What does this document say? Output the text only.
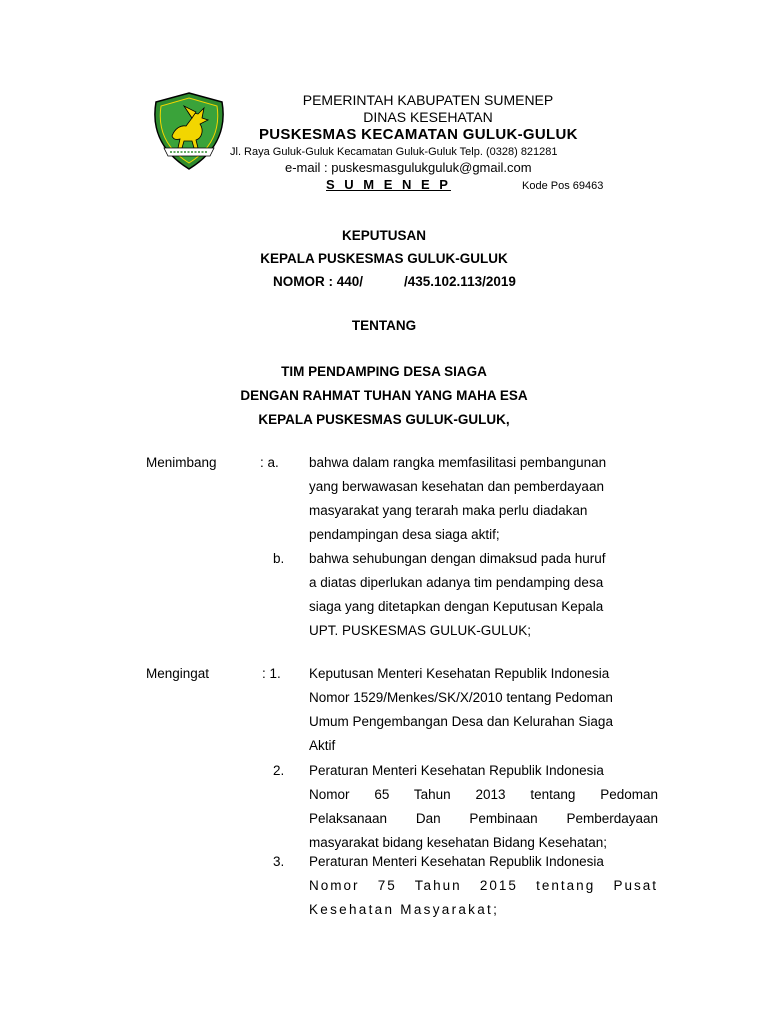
PEMERINTAH KABUPATEN SUMENEP
DINAS KESEHATAN
PUSKESMAS KECAMATAN GULUK-GULUK
Jl. Raya Guluk-Guluk Kecamatan Guluk-Guluk Telp. (0328) 821281
e-mail : puskesmasgulukguluk@gmail.com
S U M E N E P	Kode Pos 69463
KEPUTUSAN
KEPALA PUSKESMAS GULUK-GULUK
NOMOR : 440/	/435.102.113/2019
TENTANG
TIM PENDAMPING DESA SIAGA
DENGAN RAHMAT TUHAN YANG MAHA ESA
KEPALA PUSKESMAS GULUK-GULUK,
Menimbang	: a. bahwa dalam rangka memfasilitasi pembangunan
yang berwawasan kesehatan dan pemberdayaan
masyarakat yang terarah maka perlu diadakan
pendampingan desa siaga aktif;
b. bahwa sehubungan dengan dimaksud pada huruf
a diatas diperlukan adanya tim pendamping desa
siaga yang ditetapkan dengan Keputusan Kepala
UPT. PUSKESMAS GULUK-GULUK;
Mengingat	: 1. Keputusan Menteri Kesehatan Republik Indonesia
Nomor 1529/Menkes/SK/X/2010 tentang Pedoman
Umum Pengembangan Desa dan Kelurahan Siaga
Aktif
2. Peraturan Menteri Kesehatan Republik Indonesia
Nomor 65 Tahun 2013 tentang Pedoman
Pelaksanaan Dan Pembinaan Pemberdayaan
masyarakat bidang kesehatan Bidang Kesehatan;
3. Peraturan Menteri Kesehatan Republik Indonesia
Nomor 75 Tahun 2015 tentang Pusat
Kesehatan Masyarakat;
